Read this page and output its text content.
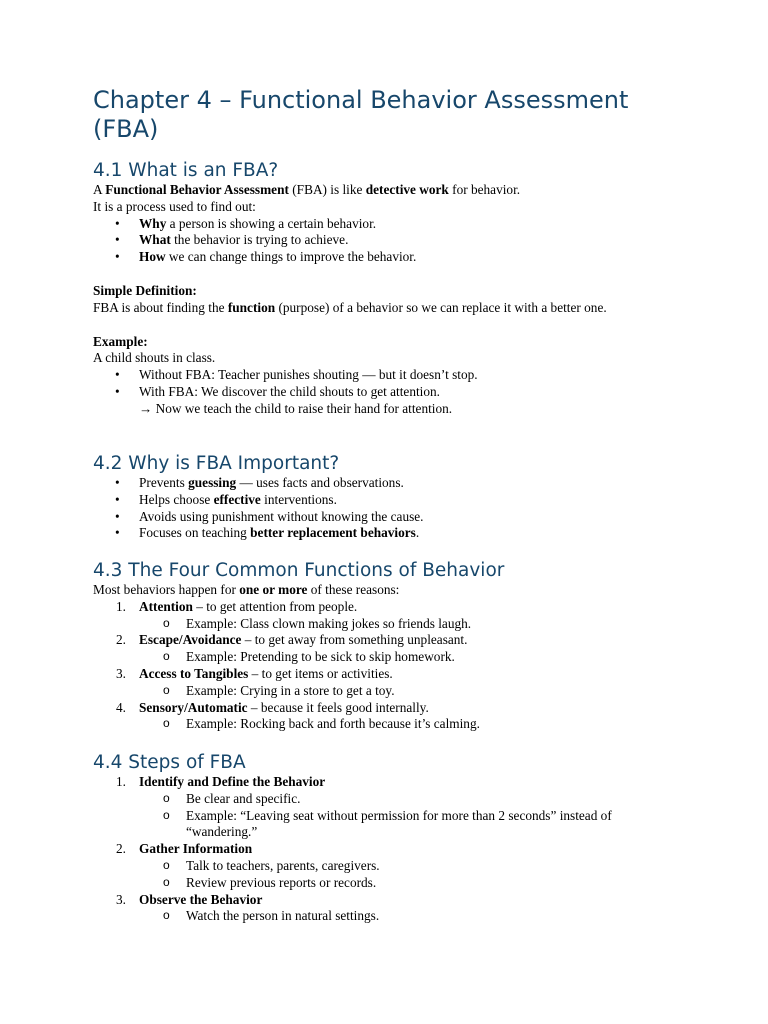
Chapter 4 – Functional Behavior Assessment (FBA)
4.1 What is an FBA?

A Functional Behavior Assessment (FBA) is like detective work for behavior.

It is a process used to find out:

• Why a person is showing a certain behavior.
• What the behavior is trying to achieve.
• How we can change things to improve the behavior.

Simple Definition:

FBA is about finding the function (purpose) of a behavior so we can replace it with a better one.

Example:

A child shouts in class.

• Without FBA: Teacher punishes shouting — but it doesn’t stop.
• With FBA: We discover the child shouts to get attention.

→ Now we teach the child to raise their hand for attention.

4.2 Why is FBA Important?
• Prevents guessing — uses facts and observations.
• Helps choose effective interventions.
• Avoids using punishment without knowing the cause.
• Focuses on teaching better replacement behaviors.
4.3 The Four Common Functions of Behavior

Most behaviors happen for one or more of these reasons:

1. Attention – to get attention from people.
o Example: Class clown making jokes so friends laugh.
2. Escape/Avoidance – to get away from something unpleasant.
o Example: Pretending to be sick to skip homework.
3. Access to Tangibles – to get items or activities.
o Example: Crying in a store to get a toy.
4. Sensory/Automatic – because it feels good internally.
o Example: Rocking back and forth because it’s calming.
4.4 Steps of FBA
1. Identify and Define the Behavior
o Be clear and specific.
o Example: “Leaving seat without permission for more than 2 seconds” instead of “wandering.”
2. Gather Information
o Talk to teachers, parents, caregivers.
o Review previous reports or records.
3. Observe the Behavior
o Watch the person in natural settings.
